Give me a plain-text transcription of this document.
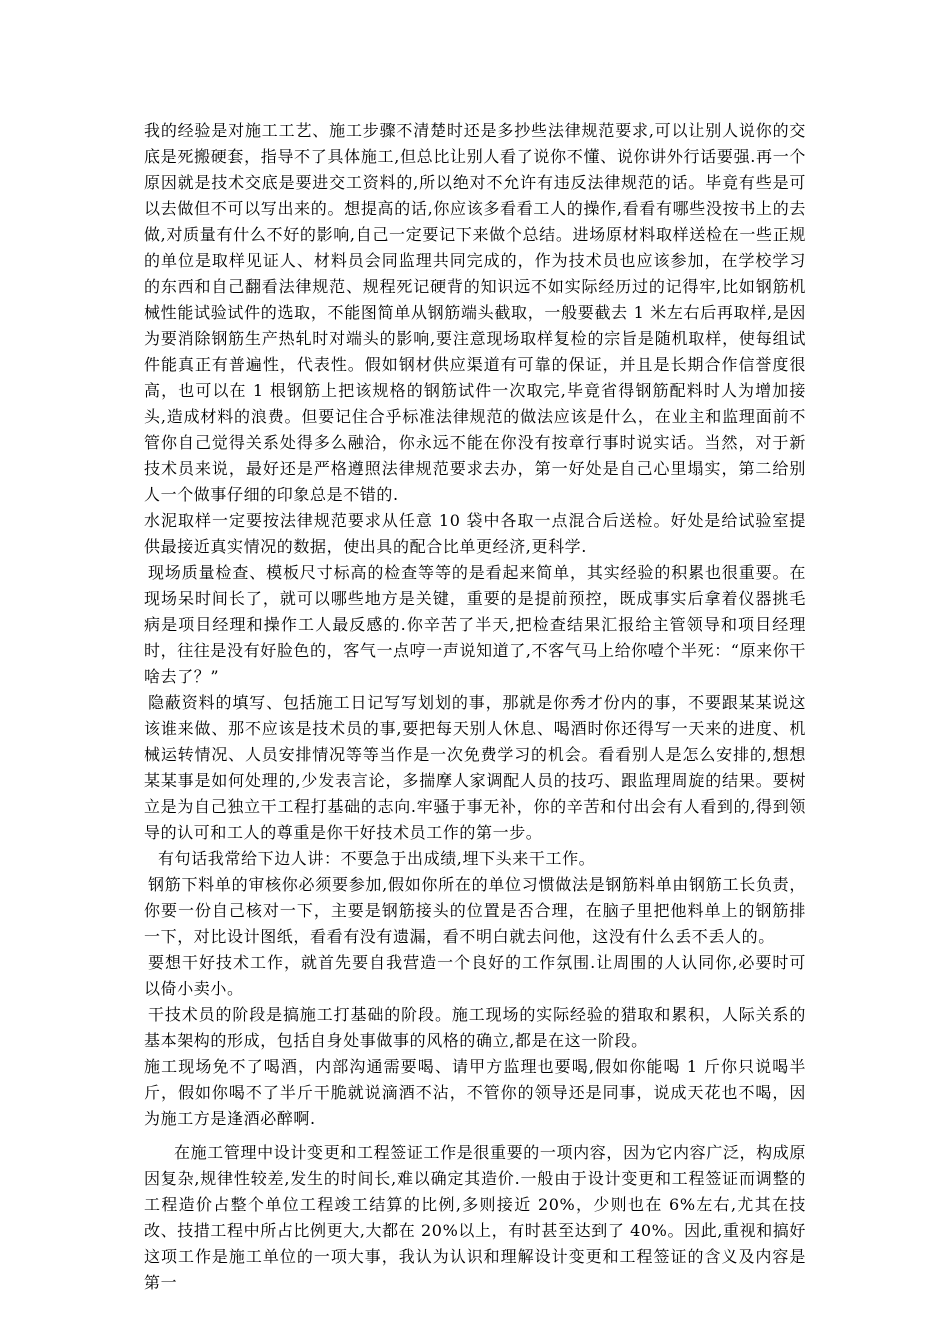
我的经验是对施工工艺、施工步骤不清楚时还是多抄些法律规范要求,可以让别人说你的交底是死搬硬套，指导不了具体施工,但总比让别人看了说你不懂、说你讲外行话要强.再一个原因就是技术交底是要进交工资料的,所以绝对不允许有违反法律规范的话。毕竟有些是可以去做但不可以写出来的。想提高的话,你应该多看看工人的操作,看看有哪些没按书上的去做,对质量有什么不好的影响,自己一定要记下来做个总结。进场原材料取样送检在一些正规的单位是取样见证人、材料员会同监理共同完成的，作为技术员也应该参加，在学校学习的东西和自己翻看法律规范、规程死记硬背的知识远不如实际经历过的记得牢,比如钢筋机械性能试验试件的选取，不能图简单从钢筋端头截取，一般要截去 1 米左右后再取样,是因为要消除钢筋生产热轧时对端头的影响,要注意现场取样复检的宗旨是随机取样，使每组试件能真正有普遍性，代表性。假如钢材供应渠道有可靠的保证，并且是长期合作信誉度很高，也可以在 1 根钢筋上把该规格的钢筋试件一次取完,毕竟省得钢筋配料时人为增加接头,造成材料的浪费。但要记住合乎标准法律规范的做法应该是什么，在业主和监理面前不管你自己觉得关系处得多么融洽，你永远不能在你没有按章行事时说实话。当然，对于新技术员来说，最好还是严格遵照法律规范要求去办，第一好处是自己心里塌实，第二给别人一个做事仔细的印象总是不错的.

水泥取样一定要按法律规范要求从任意 10 袋中各取一点混合后送检。好处是给试验室提供最接近真实情况的数据，使出具的配合比单更经济,更科学.

现场质量检查、模板尺寸标高的检查等等的是看起来简单，其实经验的积累也很重要。在现场呆时间长了，就可以哪些地方是关键，重要的是提前预控，既成事实后拿着仪器挑毛病是项目经理和操作工人最反感的.你辛苦了半天,把检查结果汇报给主管领导和项目经理时，往往是没有好脸色的，客气一点哼一声说知道了,不客气马上给你噎个半死：“原来你干啥去了？”

隐蔽资料的填写、包括施工日记写写划划的事，那就是你秀才份内的事，不要跟某某说这该谁来做、那不应该是技术员的事,要把每天别人休息、喝酒时你还得写一天来的进度、机械运转情况、人员安排情况等等当作是一次免费学习的机会。看看别人是怎么安排的,想想某某事是如何处理的,少发表言论，多揣摩人家调配人员的技巧、跟监理周旋的结果。要树立是为自己独立干工程打基础的志向.牢骚于事无补，你的辛苦和付出会有人看到的,得到领导的认可和工人的尊重是你干好技术员工作的第一步。

有句话我常给下边人讲：不要急于出成绩,埋下头来干工作。

钢筋下料单的审核你必须要参加,假如你所在的单位习惯做法是钢筋料单由钢筋工长负责，你要一份自己核对一下，主要是钢筋接头的位置是否合理，在脑子里把他料单上的钢筋排一下，对比设计图纸，看看有没有遗漏，看不明白就去问他，这没有什么丢不丢人的。

要想干好技术工作，就首先要自我营造一个良好的工作氛围.让周围的人认同你,必要时可以倚小卖小。

干技术员的阶段是搞施工打基础的阶段。施工现场的实际经验的猎取和累积，人际关系的基本架构的形成，包括自身处事做事的风格的确立,都是在这一阶段。

施工现场免不了喝酒，内部沟通需要喝、请甲方监理也要喝,假如你能喝 1 斤你只说喝半斤，假如你喝不了半斤干脆就说滴酒不沾，不管你的领导还是同事，说成天花也不喝，因为施工方是逢酒必醉啊.

在施工管理中设计变更和工程签证工作是很重要的一项内容，因为它内容广泛，构成原因复杂,规律性较差,发生的时间长,难以确定其造价.一般由于设计变更和工程签证而调整的工程造价占整个单位工程竣工结算的比例,多则接近 20%，少则也在 6%左右,尤其在技改、技措工程中所占比例更大,大都在 20%以上，有时甚至达到了 40%。因此,重视和搞好这项工作是施工单位的一项大事，我认为认识和理解设计变更和工程签证的含义及内容是第一
